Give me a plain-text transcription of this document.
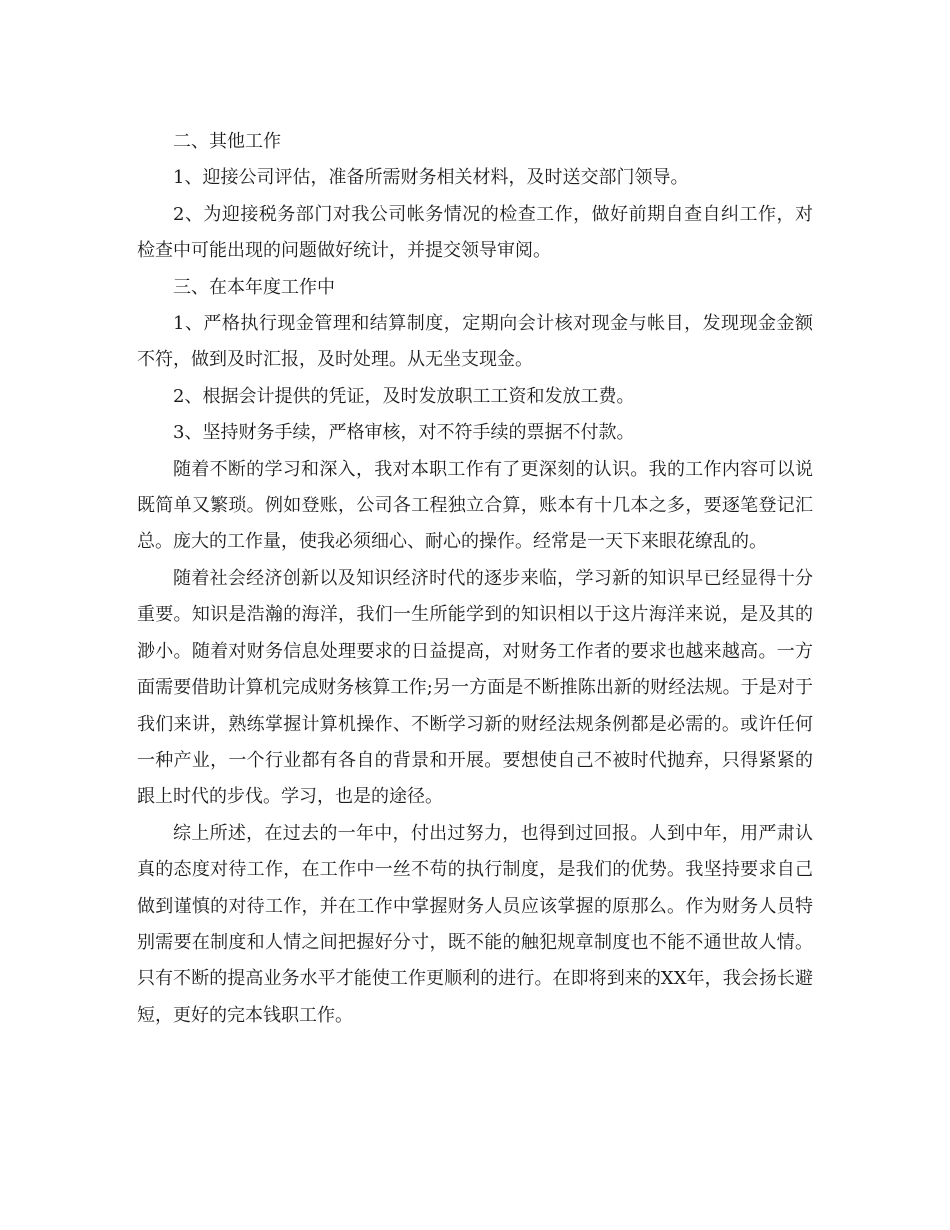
二、其他工作

1、迎接公司评估，准备所需财务相关材料，及时送交部门领导。

2、为迎接税务部门对我公司帐务情况的检查工作，做好前期自查自纠工作，对检查中可能出现的问题做好统计，并提交领导审阅。

三、在本年度工作中

1、严格执行现金管理和结算制度，定期向会计核对现金与帐目，发现现金金额不符，做到及时汇报，及时处理。从无坐支现金。

2、根据会计提供的凭证，及时发放职工工资和发放工费。

3、坚持财务手续，严格审核，对不符手续的票据不付款。

随着不断的学习和深入，我对本职工作有了更深刻的认识。我的工作内容可以说既简单又繁琐。例如登账，公司各工程独立合算，账本有十几本之多，要逐笔登记汇总。庞大的工作量，使我必须细心、耐心的操作。经常是一天下来眼花缭乱的。

随着社会经济创新以及知识经济时代的逐步来临，学习新的知识早已经显得十分重要。知识是浩瀚的海洋，我们一生所能学到的知识相以于这片海洋来说，是及其的渺小。随着对财务信息处理要求的日益提高，对财务工作者的要求也越来越高。一方面需要借助计算机完成财务核算工作;另一方面是不断推陈出新的财经法规。于是对于我们来讲，熟练掌握计算机操作、不断学习新的财经法规条例都是必需的。或许任何一种产业，一个行业都有各自的背景和开展。要想使自己不被时代抛弃，只得紧紧的跟上时代的步伐。学习，也是的途径。

综上所述，在过去的一年中，付出过努力，也得到过回报。人到中年，用严肃认真的态度对待工作，在工作中一丝不苟的执行制度，是我们的优势。我坚持要求自己做到谨慎的对待工作，并在工作中掌握财务人员应该掌握的原那么。作为财务人员特别需要在制度和人情之间把握好分寸，既不能的触犯规章制度也不能不通世故人情。只有不断的提高业务水平才能使工作更顺利的进行。在即将到来的XX年，我会扬长避短，更好的完本钱职工作。
